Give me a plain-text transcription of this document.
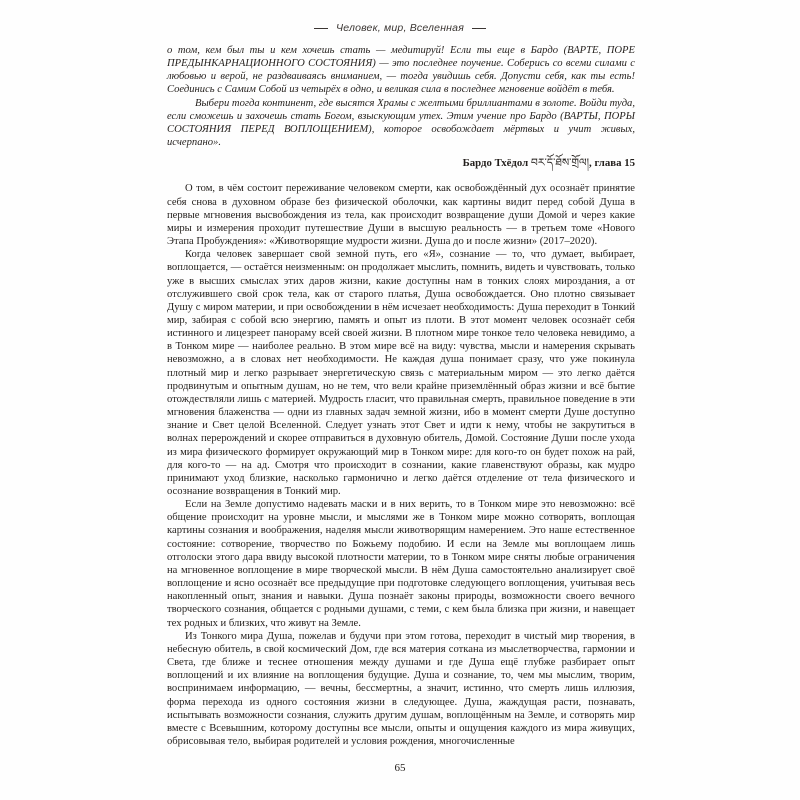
Человек, мир, Вселенная

о том, кем был ты и кем хочешь стать — медитируй! Если ты еще в Бардо (ВАРТЕ, ПОРЕ ПРЕДЫНКАРНАЦИОННОГО СОСТОЯНИЯ) — это последнее поучение. Соберись со всеми силами с любовью и верой, не раздваиваясь вниманием, — тогда увидишь себя. Допусти себя, как ты есть! Соединись с Самим Собой из четырёх в одно, и великая сила в последнее мгновение войдёт в тебя.

Выбери тогда континент, где высятся Храмы с желтыми бриллиантами в золоте. Войди туда, если сможешь и захочешь стать Богом, взыскующим утех. Этим учение про Бардо (ВАРТЫ, ПОРЫ СОСТОЯНИЯ ПЕРЕД ВОПЛОЩЕНИЕМ), которое освобождает мёртвых и учит живых, исчерпано».

Бардо Тхёдол བར་དོ་ཐོས་གྲོལ།, глава 15

О том, в чём состоит переживание человеком смерти, как освобождённый дух осознаёт принятие себя снова в духовном образе без физической оболочки, как картины видит перед собой Душа в первые мгновения высвобождения из тела, как происходит возвращение души Домой и через какие миры и измерения проходит путешествие Души в высшую реальность — в третьем томе «Нового Этапа Пробуждения»: «Животворящие мудрости жизни. Душа до и после жизни» (2017–2020).

Когда человек завершает свой земной путь, его «Я», сознание — то, что думает, выбирает, воплощается, — остаётся неизменным: он продолжает мыслить, помнить, видеть и чувствовать, только уже в высших смыслах этих даров жизни, какие доступны нам в тонких слоях мироздания, а от отслужившего свой срок тела, как от старого платья, Душа освобождается. Оно плотно связывает Душу с миром материи, и при освобождении в нём исчезает необходимость: Душа переходит в Тонкий мир, забирая с собой всю энергию, память и опыт из плоти. В этот момент человек осознаёт себя истинного и лицезреет панораму всей своей жизни. В плотном мире тонкое тело человека невидимо, а в Тонком мире — наиболее реально. В этом мире всё на виду: чувства, мысли и намерения скрывать невозможно, а в словах нет необходимости. Не каждая душа понимает сразу, что уже покинула плотный мир и легко разрывает энергетическую связь с материальным миром — это легко даётся продвинутым и опытным душам, но не тем, что вели крайне приземлённый образ жизни и всё бытие отождествляли лишь с материей. Мудрость гласит, что правильная смерть, правильное поведение в эти мгновения блаженства — одни из главных задач земной жизни, ибо в момент смерти Душе доступно знание и Свет целой Вселенной. Следует узнать этот Свет и идти к нему, чтобы не закрутиться в волнах перерождений и скорее отправиться в духовную обитель, Домой. Состояние Души после ухода из мира физического формирует окружающий мир в Тонком мире: для кого-то он будет похож на рай, для кого-то — на ад. Смотря что происходит в сознании, какие главенствуют образы, как мудро принимают уход близкие, насколько гармонично и легко даётся отделение от тела физического и осознание возвращения в Тонкий мир.

Если на Земле допустимо надевать маски и в них верить, то в Тонком мире это невозможно: всё общение происходит на уровне мысли, и мыслями же в Тонком мире можно сотворять, воплощая картины сознания и воображения, наделяя мысли животворящим намерением. Это наше естественное состояние: сотворение, творчество по Божьему подобию. И если на Земле мы воплощаем лишь отголоски этого дара ввиду высокой плотности материи, то в Тонком мире сняты любые ограничения на мгновенное воплощение в мире творческой мысли. В нём Душа самостоятельно анализирует своё воплощение и ясно осознаёт все предыдущие при подготовке следующего воплощения, учитывая весь накопленный опыт, знания и навыки. Душа познаёт законы природы, возможности своего вечного творческого сознания, общается с родными душами, с теми, с кем была близка при жизни, и навещает тех родных и близких, что живут на Земле.

Из Тонкого мира Душа, пожелав и будучи при этом готова, переходит в чистый мир творения, в небесную обитель, в свой космический Дом, где вся материя соткана из мыслетворчества, гармонии и Света, где ближе и теснее отношения между душами и где Душа ещё глубже разбирает опыт воплощений и их влияние на воплощения будущие. Душа и сознание, то, чем мы мыслим, творим, воспринимаем информацию, — вечны, бессмертны, а значит, истинно, что смерть лишь иллюзия, форма перехода из одного состояния жизни в следующее. Душа, жаждущая расти, познавать, испытывать возможности сознания, служить другим душам, воплощённым на Земле, и сотворять мир вместе с Всевышним, которому доступны все мысли, опыты и ощущения каждого из мира живущих, обрисовывая тело, выбирая родителей и условия рождения, многочисленные

65
